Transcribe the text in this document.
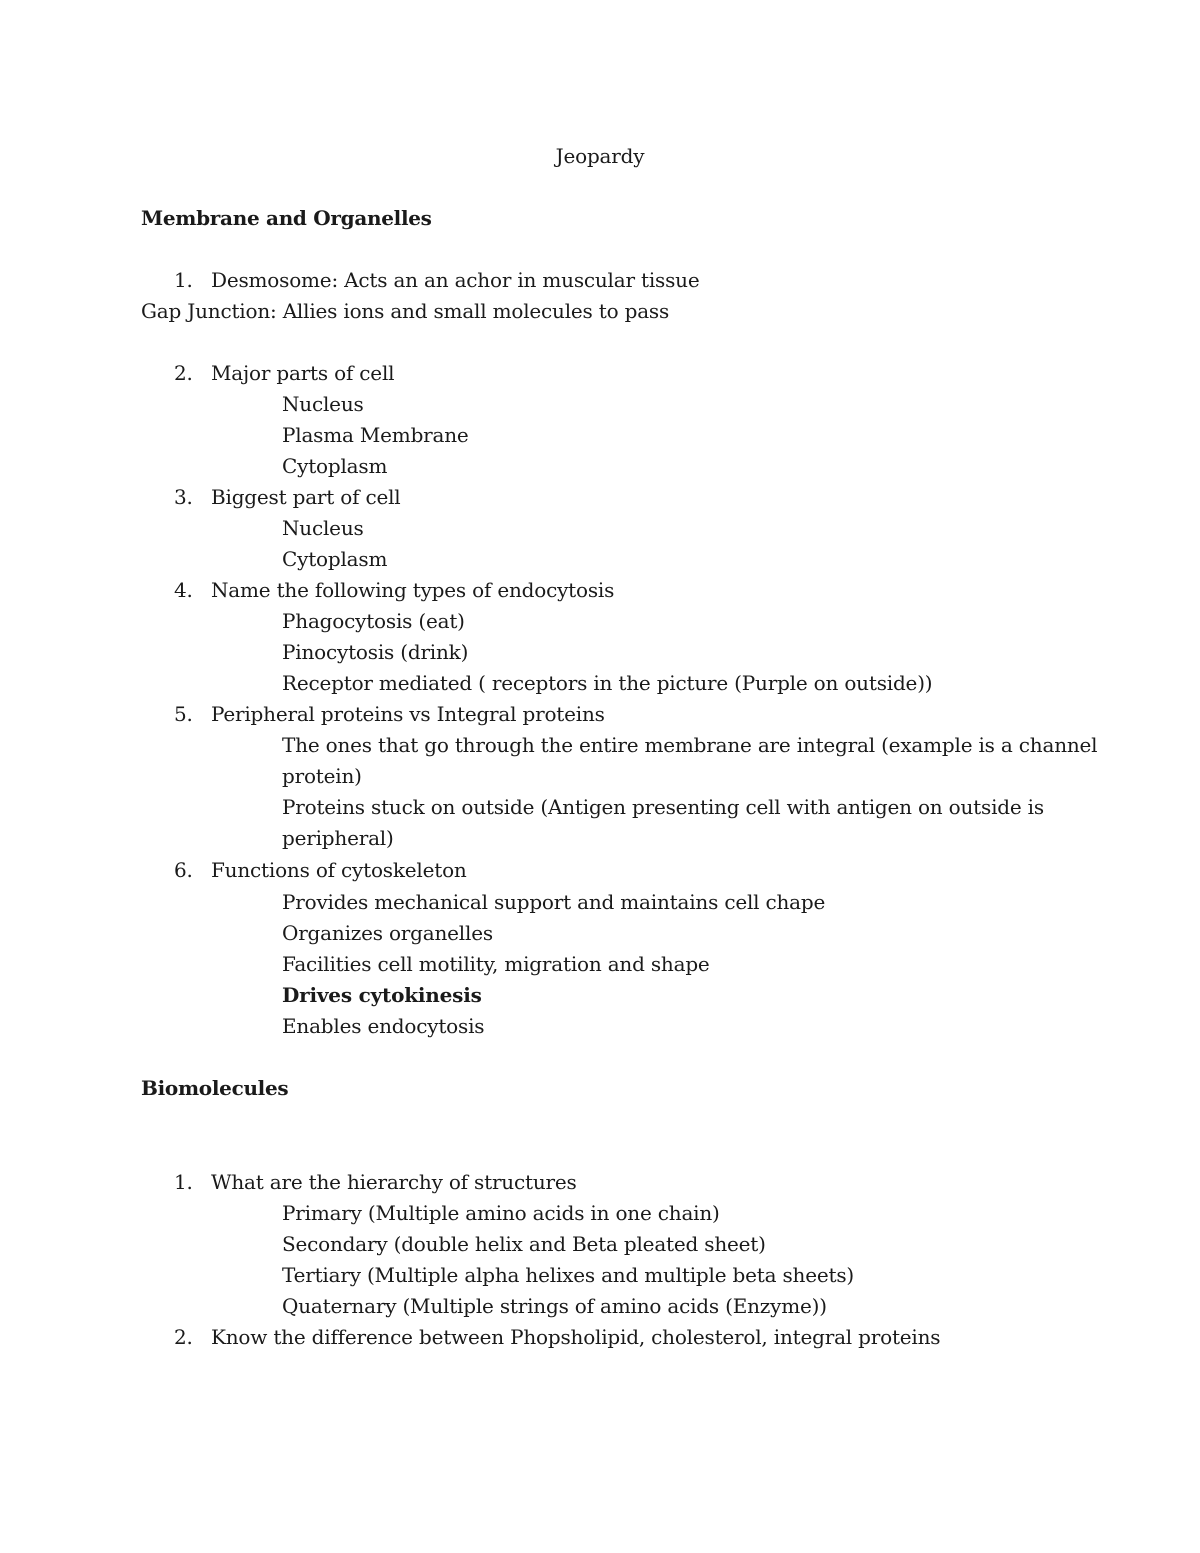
Jeopardy
Membrane and Organelles
1. Desmosome: Acts an an achor in muscular tissue
Gap Junction: Allies ions and small molecules to pass
2. Major parts of cell
Nucleus
Plasma Membrane
Cytoplasm
3. Biggest part of cell
Nucleus
Cytoplasm
4. Name the following types of endocytosis
Phagocytosis (eat)
Pinocytosis (drink)
Receptor mediated ( receptors in the picture (Purple on outside))
5. Peripheral proteins vs Integral proteins
The ones that go through the entire membrane are integral (example is a channel
protein)
Proteins stuck on outside (Antigen presenting cell with antigen on outside is
peripheral)
6. Functions of cytoskeleton
Provides mechanical support and maintains cell chape
Organizes organelles
Facilities cell motility, migration and shape
Drives cytokinesis
Enables endocytosis
Biomolecules
1. What are the hierarchy of structures
Primary (Multiple amino acids in one chain)
Secondary (double helix and Beta pleated sheet)
Tertiary (Multiple alpha helixes and multiple beta sheets)
Quaternary (Multiple strings of amino acids (Enzyme))
2. Know the difference between Phopsholipid, cholesterol, integral proteins
